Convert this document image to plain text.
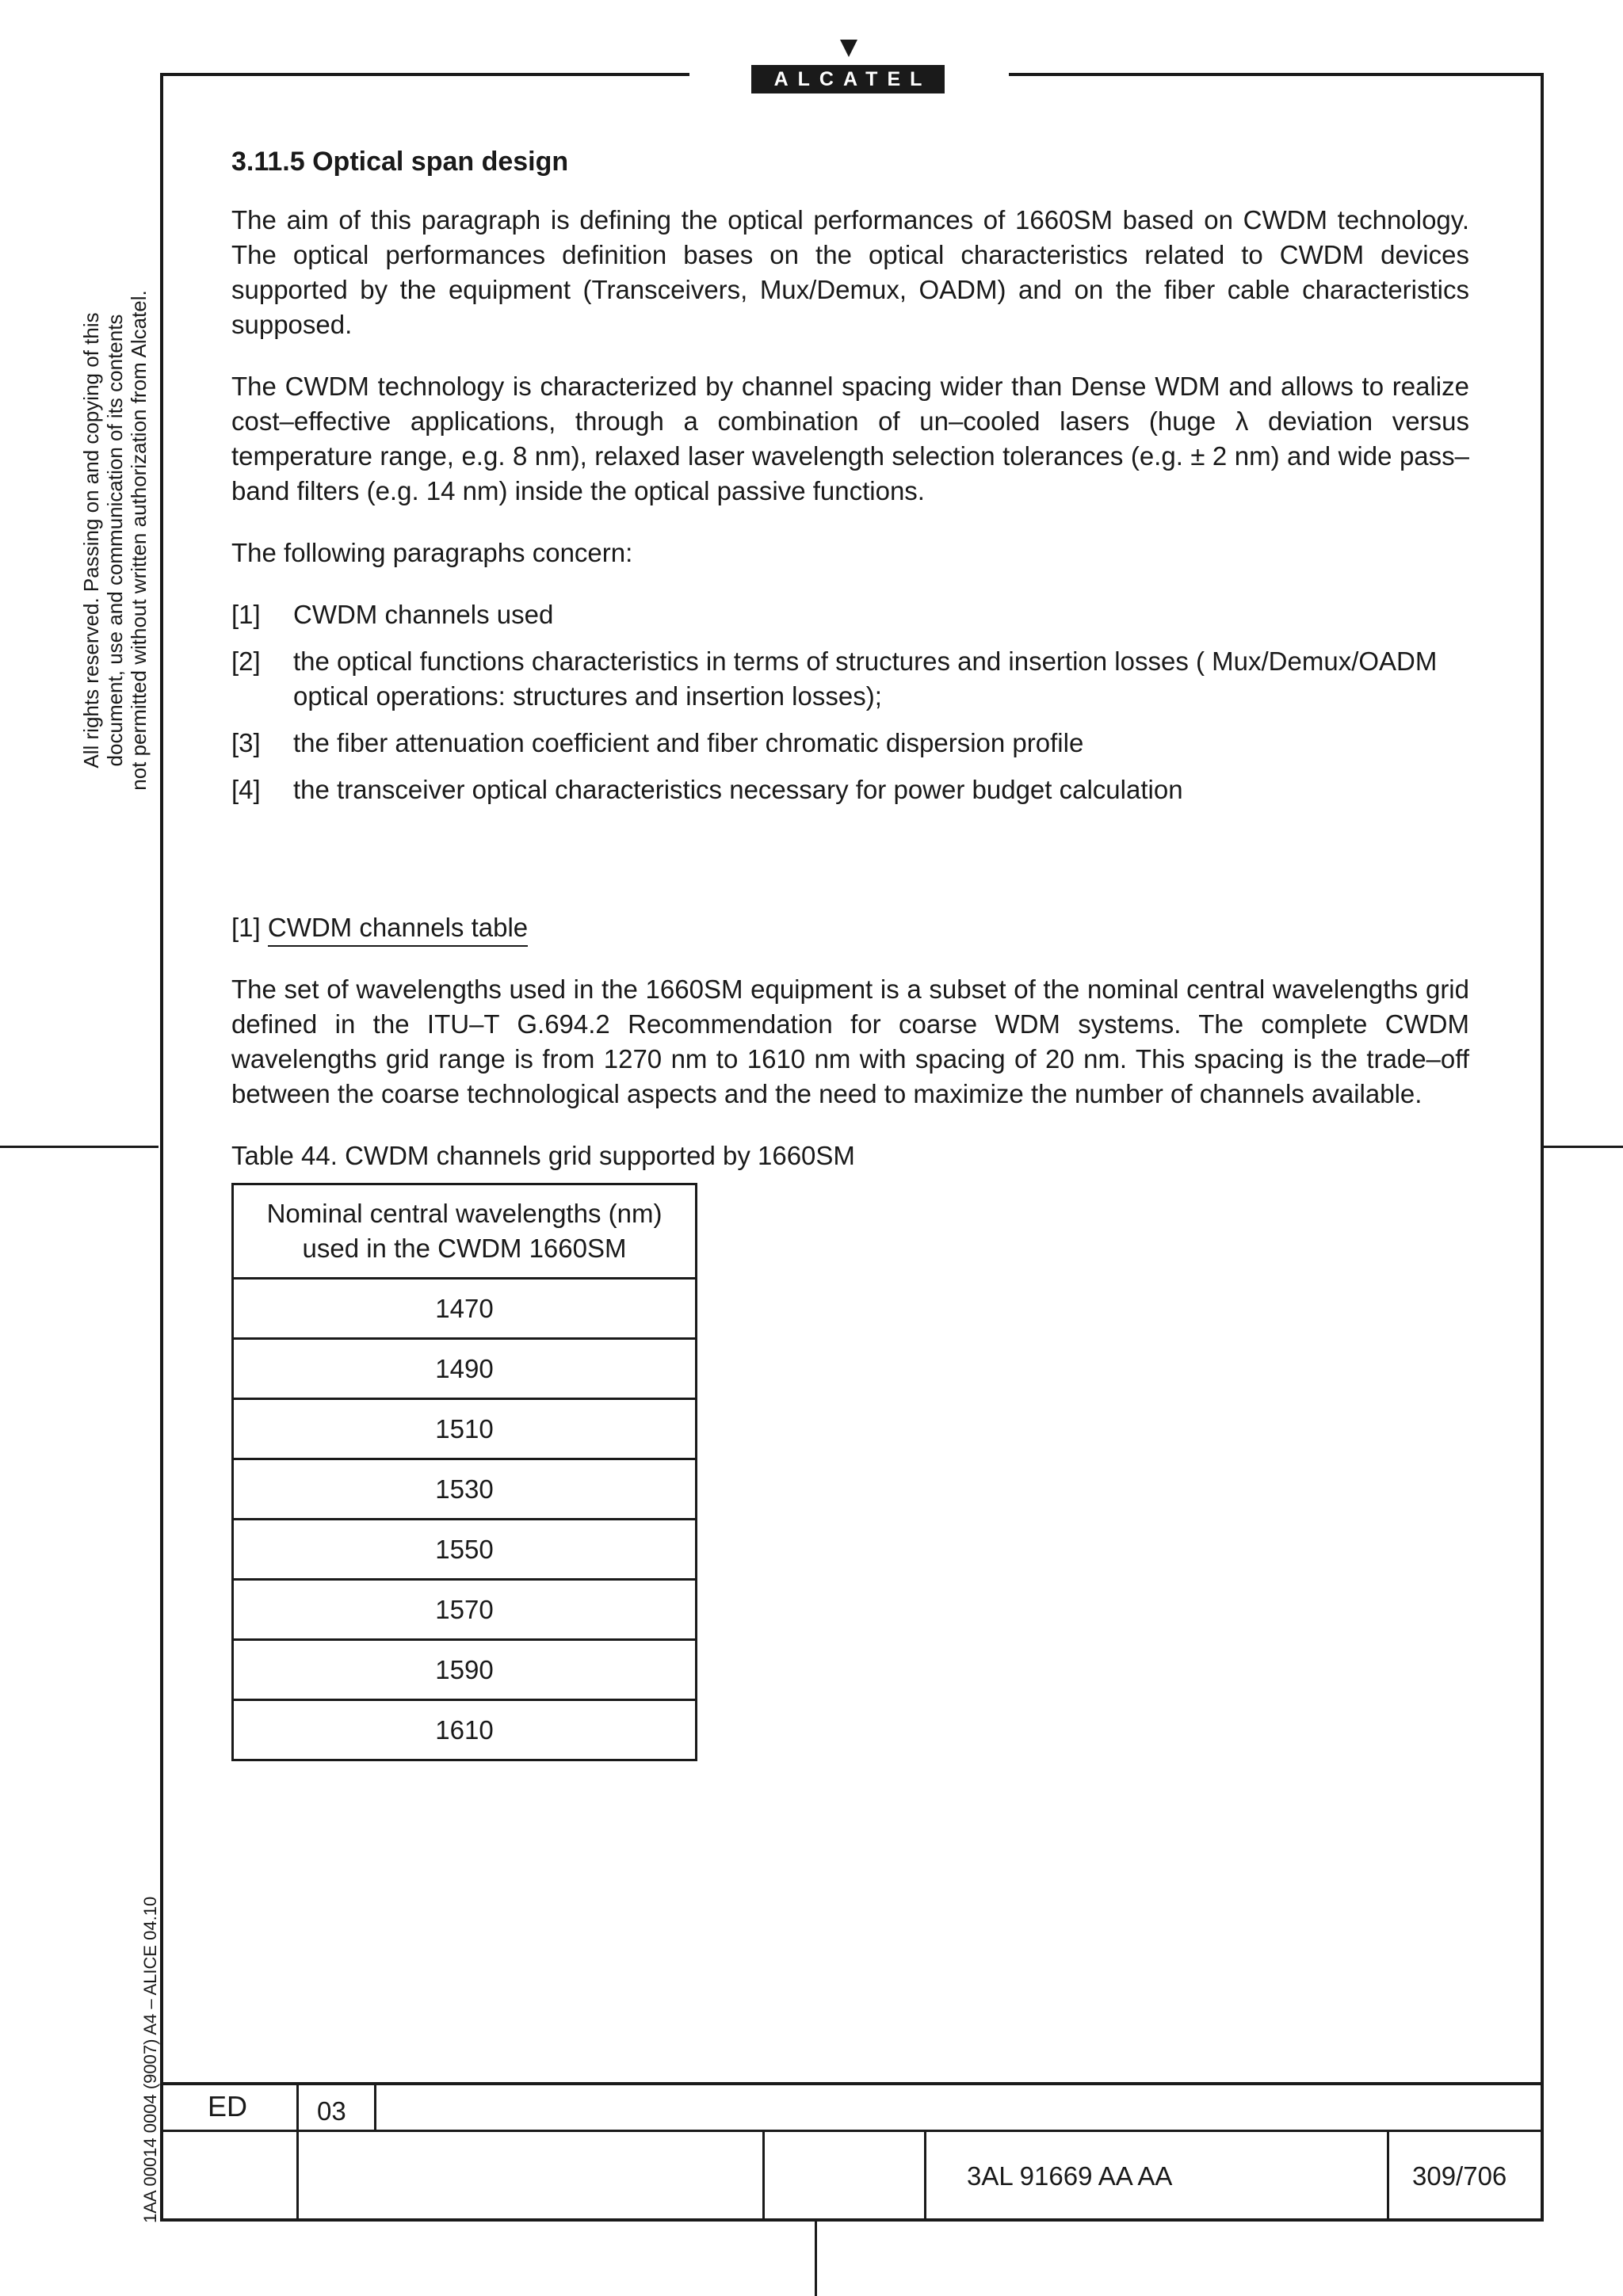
ALCATEL
All rights reserved. Passing on and copying of this document, use and communication of its contents not permitted without written authorization from Alcatel.
1AA 00014 0004 (9007) A4 – ALICE 04.10
3.11.5 Optical span design

The aim of this paragraph is defining the optical performances of 1660SM based on CWDM technology. The optical performances definition bases on the optical characteristics related to CWDM devices supported by the equipment (Transceivers, Mux/Demux, OADM) and on the fiber cable characteristics supposed.

The CWDM technology is characterized by channel spacing wider than Dense WDM and allows to realize cost–effective applications, through a combination of un–cooled lasers (huge λ deviation versus temperature range, e.g. 8 nm), relaxed laser wavelength selection tolerances (e.g. ± 2 nm) and wide pass–band filters (e.g. 14 nm) inside the optical passive functions.

The following paragraphs concern:

[1]	CWDM channels used
[2]	the optical functions characteristics in terms of structures and insertion losses ( Mux/Demux/OADM optical operations: structures and insertion losses);
[3]	the fiber attenuation coefficient and fiber chromatic dispersion profile
[4]	the transceiver optical characteristics necessary for power budget calculation
[1] CWDM channels table

The set of wavelengths used in the 1660SM equipment is a subset of the nominal central wavelengths grid defined in the ITU–T G.694.2 Recommendation for coarse WDM systems. The complete CWDM wavelengths grid range is from 1270 nm to 1610 nm with spacing of 20 nm. This spacing is the trade–off between the coarse technological aspects and the need to maximize the number of channels available.

Table 44. CWDM channels grid supported by 1660SM
Nominal central wavelengths (nm)
used in the CWDM 1660SM

1470
1490
1510
1530
1550
1570
1590
1610
ED	03
3AL 91669 AA AA	309/706
